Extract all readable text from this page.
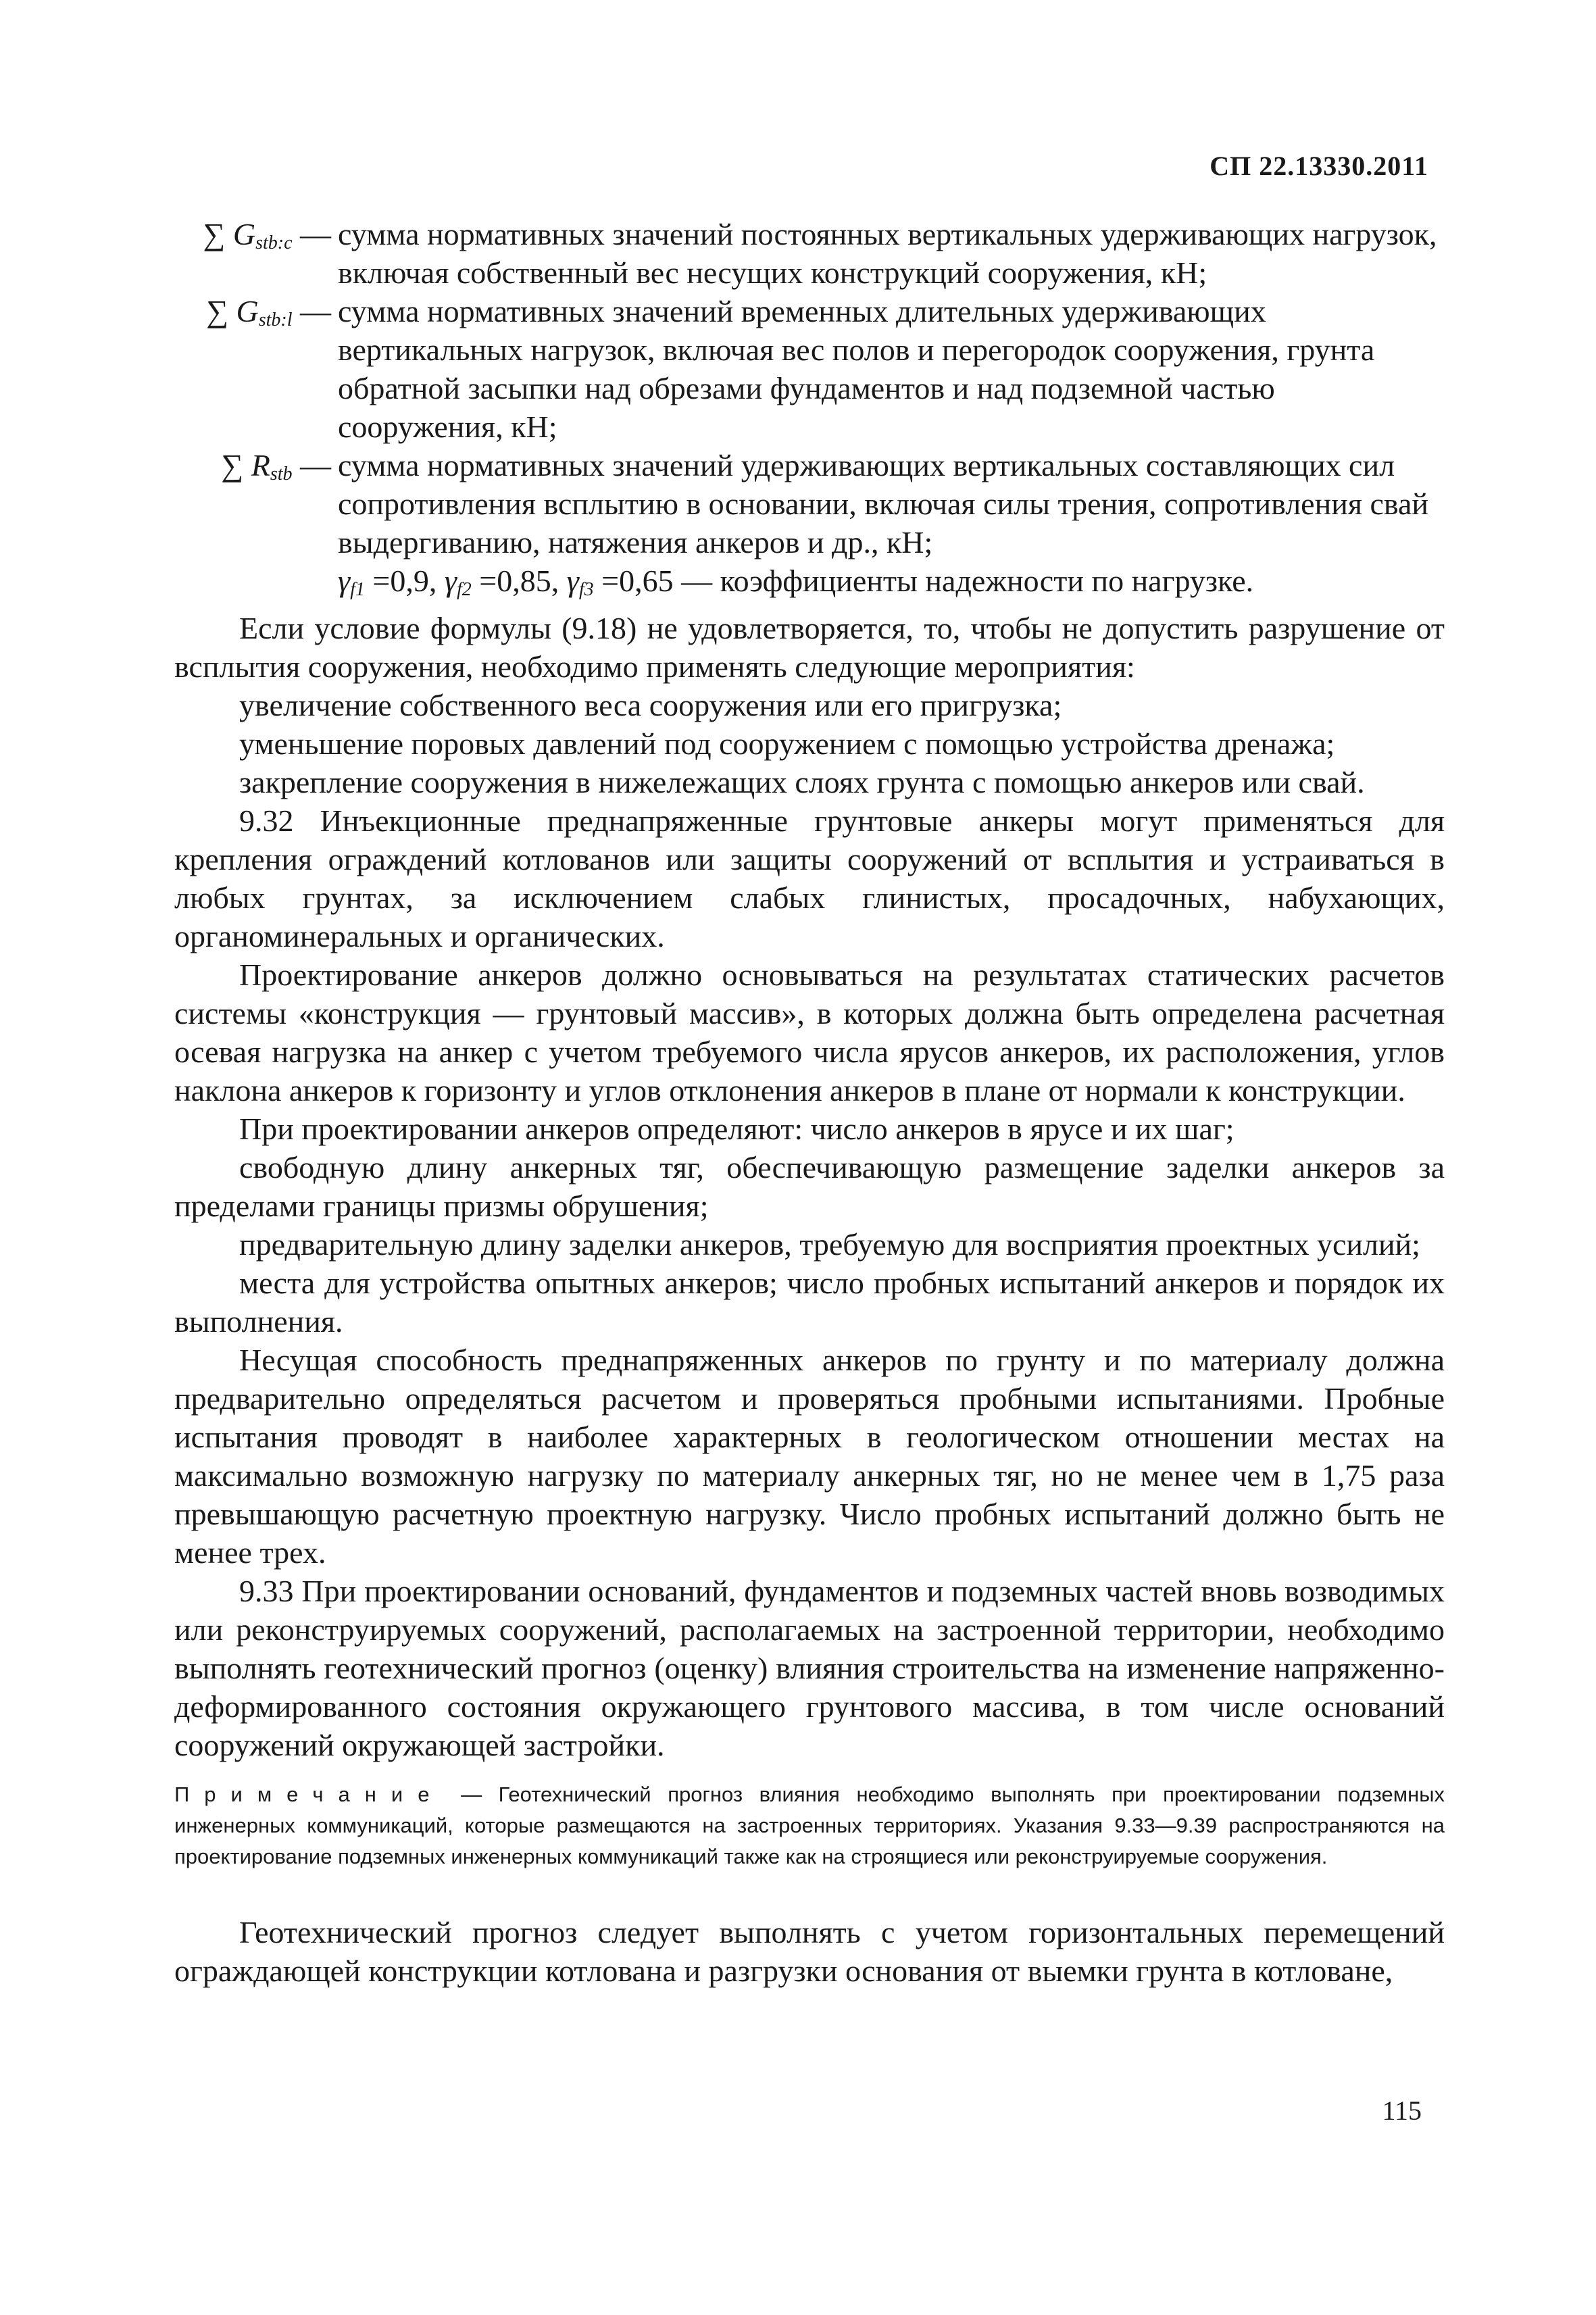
СП 22.13330.2011
∑ $G_{stb:c}$ — сумма нормативных значений постоянных вертикальных удерживающих нагрузок, включая собственный вес несущих конструкций сооружения, кН;
∑ $G_{stb:l}$ — сумма нормативных значений временных длительных удерживающих вертикальных нагрузок, включая вес полов и перегородок сооружения, грунта обратной засыпки над обрезами фундаментов и над подземной частью сооружения, кН;
∑ $R_{stb}$ — сумма нормативных значений удерживающих вертикальных составляющих сил сопротивления всплытию в основании, включая силы трения, сопротивления свай выдергиванию, натяжения анкеров и др., кН;
$\gamma_{f1} =0,9$, $\gamma_{f2} =0,85$, $\gamma_{f3} =0,65$ — коэффициенты надежности по нагрузке.

Если условие формулы (9.18) не удовлетворяется, то, чтобы не допустить разрушение от всплытия сооружения, необходимо применять следующие мероприятия:

увеличение собственного веса сооружения или его пригрузка;

уменьшение поровых давлений под сооружением с помощью устройства дренажа;

закрепление сооружения в нижележащих слоях грунта с помощью анкеров или свай.

9.32 Инъекционные преднапряженные грунтовые анкеры могут применяться для крепления ограждений котлованов или защиты сооружений от всплытия и устраиваться в любых грунтах, за исключением слабых глинистых, просадочных, набухающих, органоминеральных и органических.

Проектирование анкеров должно основываться на результатах статических расчетов системы «конструкция — грунтовый массив», в которых должна быть определена расчетная осевая нагрузка на анкер с учетом требуемого числа ярусов анкеров, их расположения, углов наклона анкеров к горизонту и углов отклонения анкеров в плане от нормали к конструкции.

При проектировании анкеров определяют: число анкеров в ярусе и их шаг;

свободную длину анкерных тяг, обеспечивающую размещение заделки анкеров за пределами границы призмы обрушения;

предварительную длину заделки анкеров, требуемую для восприятия проектных усилий;

места для устройства опытных анкеров; число пробных испытаний анкеров и порядок их выполнения.

Несущая способность преднапряженных анкеров по грунту и по материалу должна предварительно определяться расчетом и проверяться пробными испытаниями. Пробные испытания проводят в наиболее характерных в геологическом отношении местах на максимально возможную нагрузку по материалу анкерных тяг, но не менее чем в 1,75 раза превышающую расчетную проектную нагрузку. Число пробных испытаний должно быть не менее трех.

9.33 При проектировании оснований, фундаментов и подземных частей вновь возводимых или реконструируемых сооружений, располагаемых на застроенной территории, необходимо выполнять геотехнический прогноз (оценку) влияния строительства на изменение напряженно-деформированного состояния окружающего грунтового массива, в том числе оснований сооружений окружающей застройки.

Примечание — Геотехнический прогноз влияния необходимо выполнять при проектировании подземных инженерных коммуникаций, которые размещаются на застроенных территориях. Указания 9.33—9.39 распространяются на проектирование подземных инженерных коммуникаций также как на строящиеся или реконструируемые сооружения.

Геотехнический прогноз следует выполнять с учетом горизонтальных перемещений ограждающей конструкции котлована и разгрузки основания от выемки грунта в котловане,

115
